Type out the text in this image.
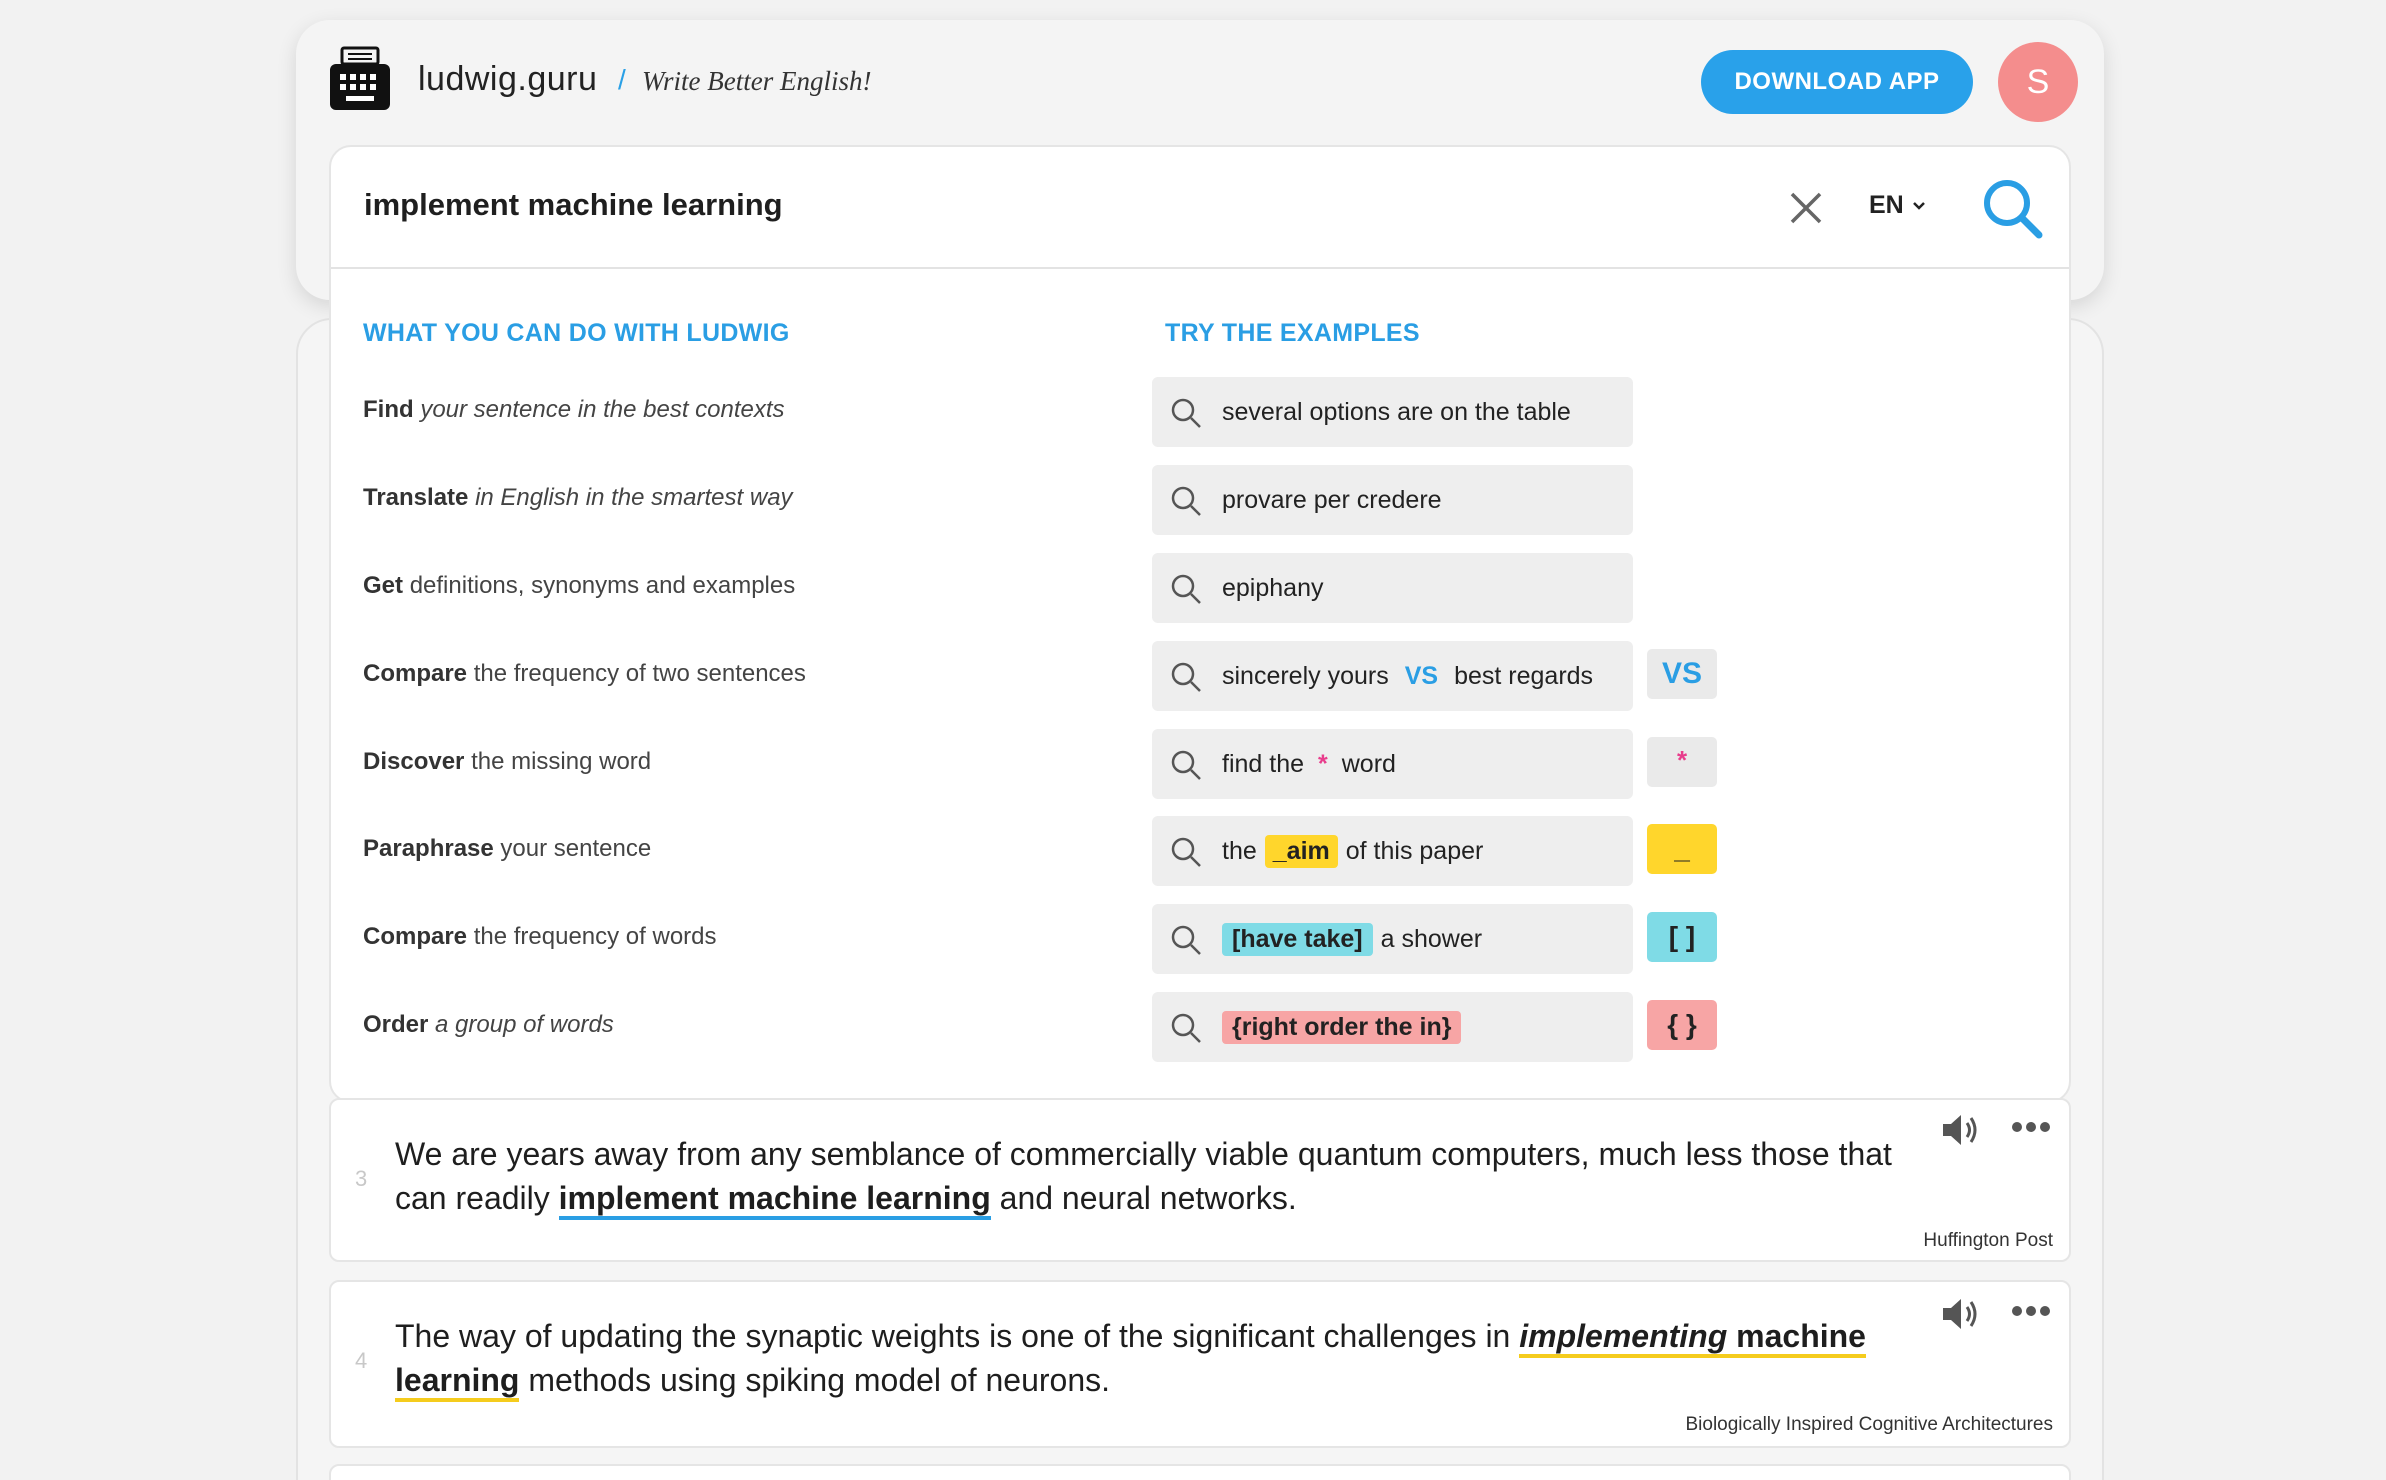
ludwig.guru / Write Better English!	DOWNLOAD APP	S
implement machine learning	EN
WHAT YOU CAN DO WITH LUDWIG	TRY THE EXAMPLES
Find your sentence in the best contexts
Translate in English in the smartest way
Get definitions, synonyms and examples
Compare the frequency of two sentences
Discover the missing word
Paraphrase your sentence
Compare the frequency of words
Order a group of words
several options are on the table
provare per credere
epiphany
sincerely yours VS best regards	VS
find the * word	*
the _aim of this paper	_
[have take] a shower	[ ]
{right order the in}	{ }
3
We are years away from any semblance of commercially viable quantum computers, much less those that can readily implement machine learning and neural networks.
Huffington Post
4
The way of updating the synaptic weights is one of the significant challenges in implementing machine learning methods using spiking model of neurons.
Biologically Inspired Cognitive Architectures
